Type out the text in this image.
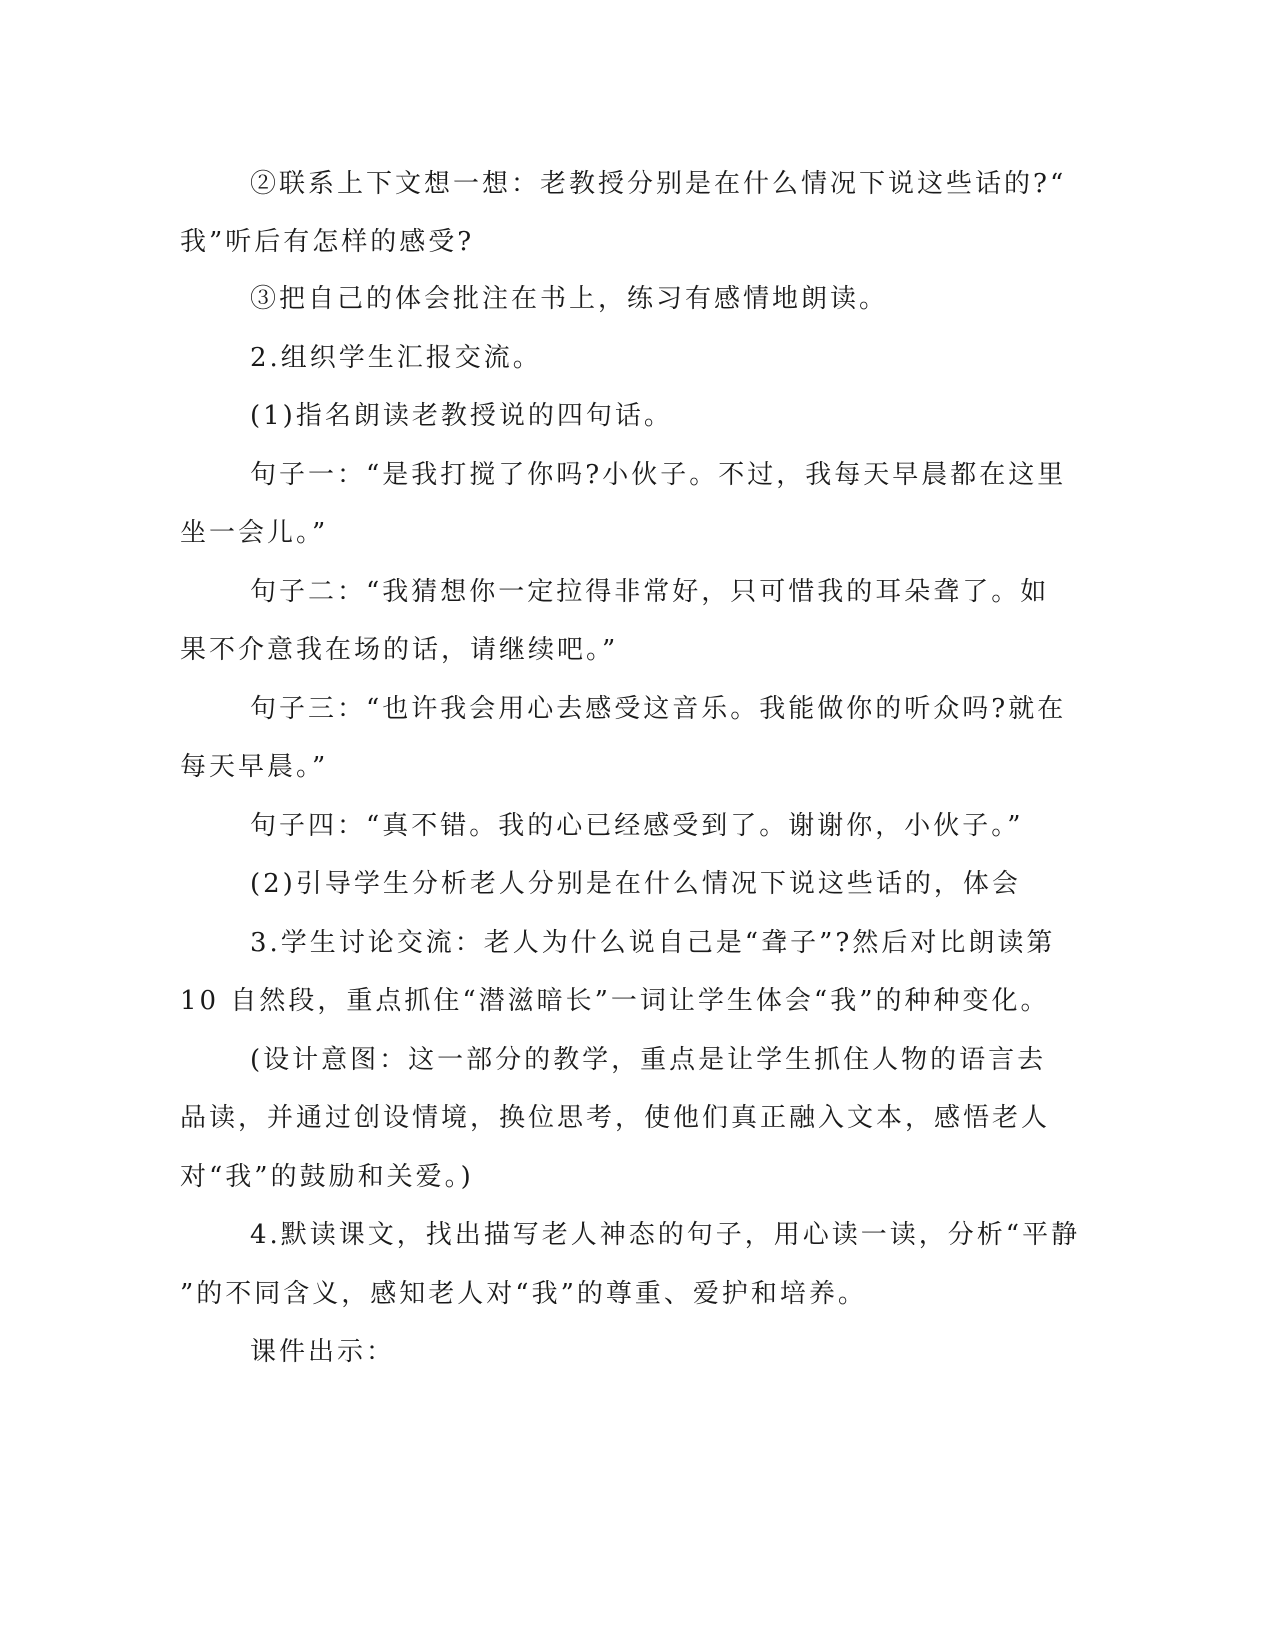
②联系上下文想一想：老教授分别是在什么情况下说这些话的?“
我”听后有怎样的感受?
③把自己的体会批注在书上，练习有感情地朗读。
2.组织学生汇报交流。
(1)指名朗读老教授说的四句话。
句子一：“是我打搅了你吗?小伙子。不过，我每天早晨都在这里
坐一会儿。”
句子二：“我猜想你一定拉得非常好，只可惜我的耳朵聋了。如
果不介意我在场的话，请继续吧。”
句子三：“也许我会用心去感受这音乐。我能做你的听众吗?就在
每天早晨。”
句子四：“真不错。我的心已经感受到了。谢谢你，小伙子。”
(2)引导学生分析老人分别是在什么情况下说这些话的，体会
3.学生讨论交流：老人为什么说自己是“聋子”?然后对比朗读第
10 自然段，重点抓住“潜滋暗长”一词让学生体会“我”的种种变化。
(设计意图：这一部分的教学，重点是让学生抓住人物的语言去
品读，并通过创设情境，换位思考，使他们真正融入文本，感悟老人
对“我”的鼓励和关爱。)
4.默读课文，找出描写老人神态的句子，用心读一读，分析“平静
”的不同含义，感知老人对“我”的尊重、爱护和培养。
课件出示：
